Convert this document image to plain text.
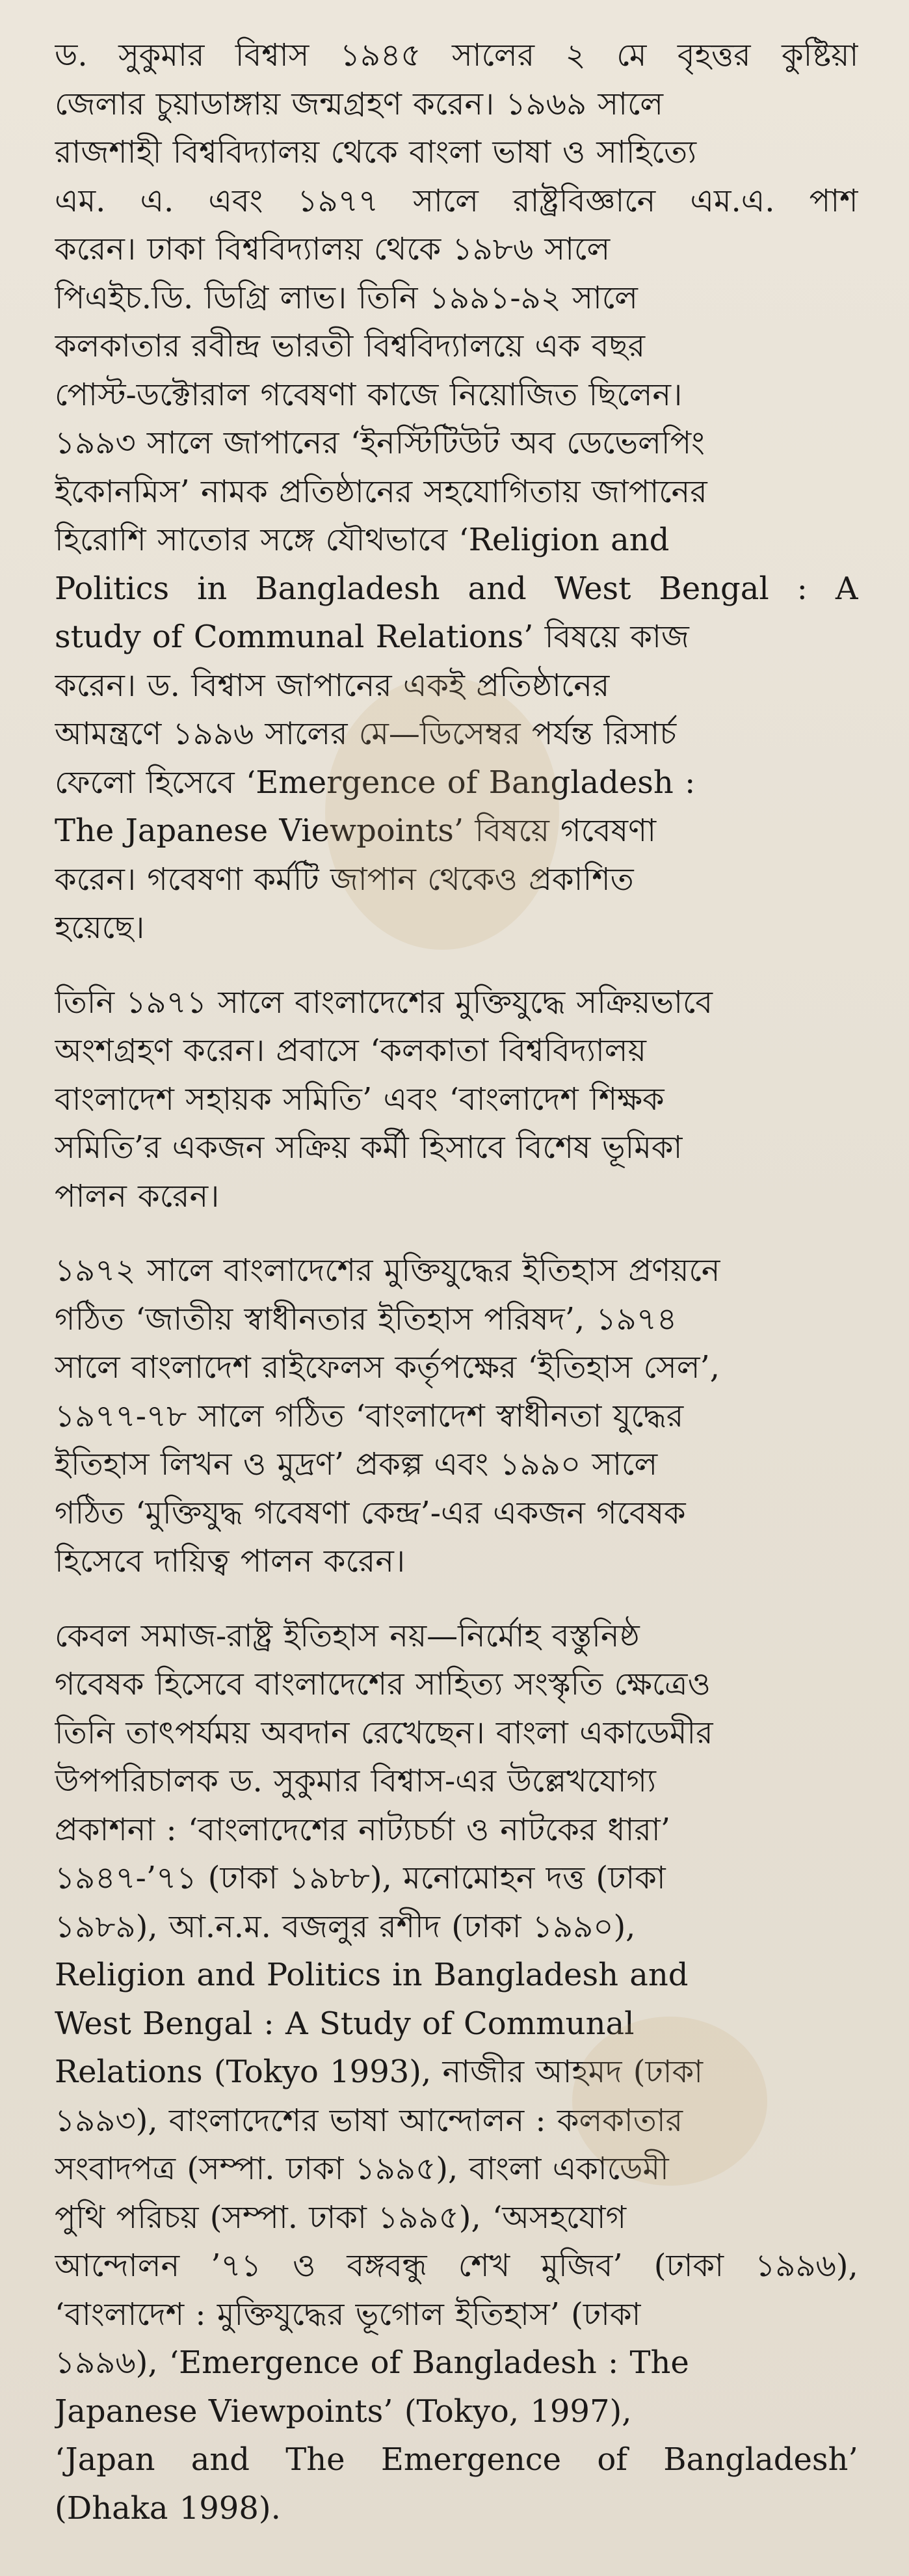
ড. সুকুমার বিশ্বাস ১৯৪৫ সালের ২ মে বৃহত্তর কুষ্টিয়া
জেলার চুয়াডাঙ্গায় জন্মগ্রহণ করেন। ১৯৬৯ সালে
রাজশাহী বিশ্ববিদ্যালয় থেকে বাংলা ভাষা ও সাহিত্যে
এম. এ. এবং ১৯৭৭ সালে রাষ্ট্রবিজ্ঞানে এম.এ. পাশ
করেন। ঢাকা বিশ্ববিদ্যালয় থেকে ১৯৮৬ সালে
পিএইচ.ডি. ডিগ্রি লাভ। তিনি ১৯৯১-৯২ সালে
কলকাতার রবীন্দ্র ভারতী বিশ্ববিদ্যালয়ে এক বছর
পোস্ট-ডক্টোরাল গবেষণা কাজে নিয়োজিত ছিলেন।
১৯৯৩ সালে জাপানের ‘ইনস্টিটিউট অব ডেভেলপিং
ইকোনমিস’ নামক প্রতিষ্ঠানের সহযোগিতায় জাপানের
হিরোশি সাতোর সঙ্গে যৌথভাবে ‘Religion and
Politics in Bangladesh and West Bengal : A
study of Communal Relations’ বিষয়ে কাজ
করেন। ড. বিশ্বাস জাপানের একই প্রতিষ্ঠানের
আমন্ত্রণে ১৯৯৬ সালের মে—ডিসেম্বর পর্যন্ত রিসার্চ
ফেলো হিসেবে ‘Emergence of Bangladesh :
The Japanese Viewpoints’ বিষয়ে গবেষণা
করেন। গবেষণা কর্মটি জাপান থেকেও প্রকাশিত
হয়েছে।

তিনি ১৯৭১ সালে বাংলাদেশের মুক্তিযুদ্ধে সক্রিয়ভাবে
অংশগ্রহণ করেন। প্রবাসে ‘কলকাতা বিশ্ববিদ্যালয়
বাংলাদেশ সহায়ক সমিতি’ এবং ‘বাংলাদেশ শিক্ষক
সমিতি’র একজন সক্রিয় কর্মী হিসাবে বিশেষ ভূমিকা
পালন করেন।

১৯৭২ সালে বাংলাদেশের মুক্তিযুদ্ধের ইতিহাস প্রণয়নে
গঠিত ‘জাতীয় স্বাধীনতার ইতিহাস পরিষদ’, ১৯৭৪
সালে বাংলাদেশ রাইফেলস কর্তৃপক্ষের ‘ইতিহাস সেল’,
১৯৭৭-৭৮ সালে গঠিত ‘বাংলাদেশ স্বাধীনতা যুদ্ধের
ইতিহাস লিখন ও মুদ্রণ’ প্রকল্প এবং ১৯৯০ সালে
গঠিত ‘মুক্তিযুদ্ধ গবেষণা কেন্দ্র’-এর একজন গবেষক
হিসেবে দায়িত্ব পালন করেন।

কেবল সমাজ-রাষ্ট্র ইতিহাস নয়—নির্মোহ বস্তুনিষ্ঠ
গবেষক হিসেবে বাংলাদেশের সাহিত্য সংস্কৃতি ক্ষেত্রেও
তিনি তাৎপর্যময় অবদান রেখেছেন। বাংলা একাডেমীর
উপপরিচালক ড. সুকুমার বিশ্বাস-এর উল্লেখযোগ্য
প্রকাশনা : ‘বাংলাদেশের নাট্যচর্চা ও নাটকের ধারা’
১৯৪৭-’৭১ (ঢাকা ১৯৮৮), মনোমোহন দত্ত (ঢাকা
১৯৮৯), আ.ন.ম. বজলুর রশীদ (ঢাকা ১৯৯০),
Religion and Politics in Bangladesh and
West Bengal : A Study of Communal
Relations (Tokyo 1993), নাজীর আহমদ (ঢাকা
১৯৯৩), বাংলাদেশের ভাষা আন্দোলন : কলকাতার
সংবাদপত্র (সম্পা. ঢাকা ১৯৯৫), বাংলা একাডেমী
পুথি পরিচয় (সম্পা. ঢাকা ১৯৯৫), ‘অসহযোগ
আন্দোলন ’৭১ ও বঙ্গবন্ধু শেখ মুজিব’ (ঢাকা ১৯৯৬),
‘বাংলাদেশ : মুক্তিযুদ্ধের ভূগোল ইতিহাস’ (ঢাকা
১৯৯৬), ‘Emergence of Bangladesh : The
Japanese Viewpoints’ (Tokyo, 1997),
‘Japan and The Emergence of Bangladesh’
(Dhaka 1998).
